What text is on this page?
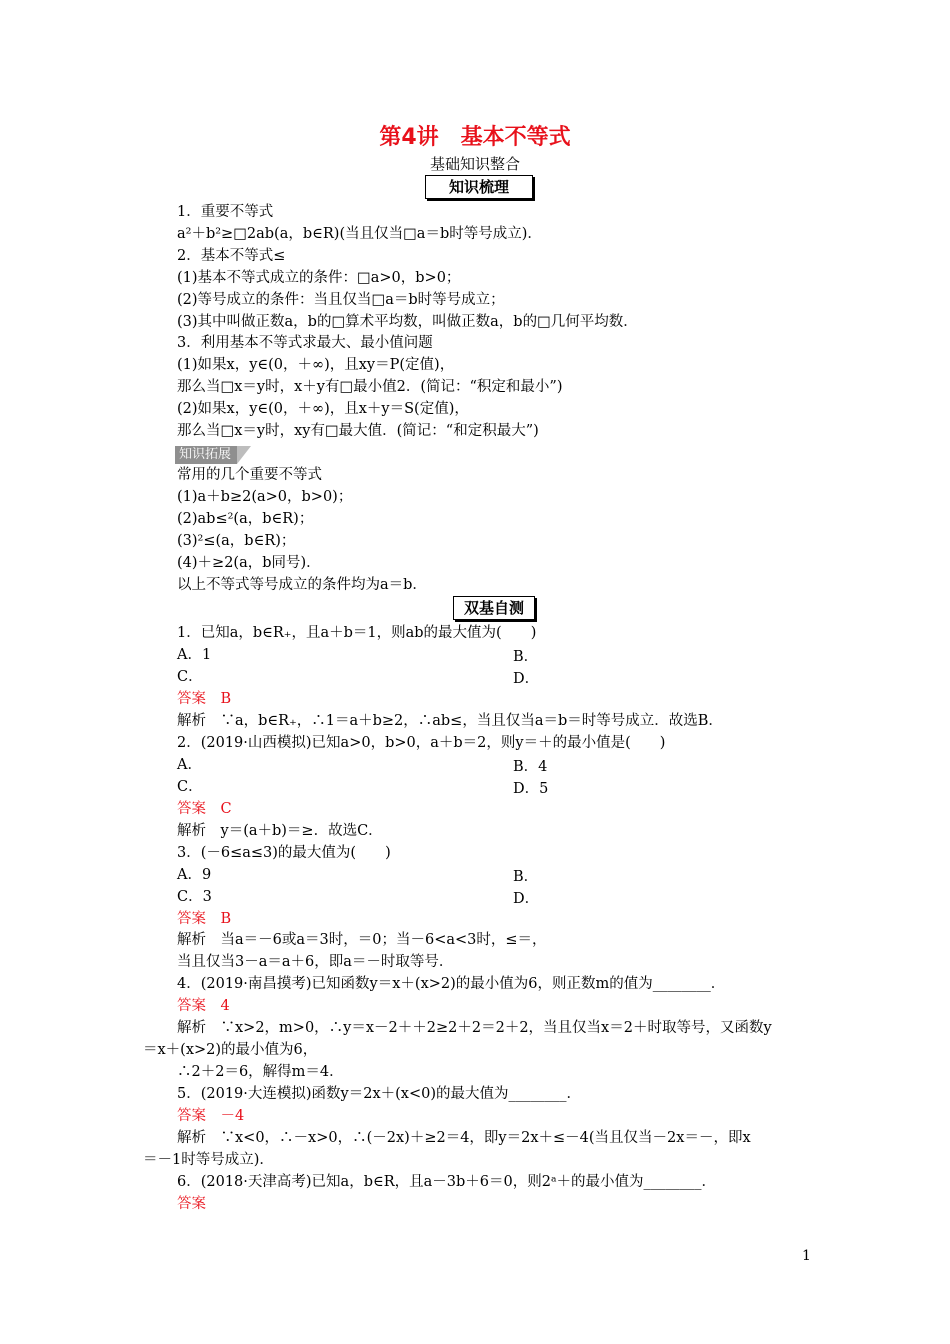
第4讲　基本不等式
基础知识整合
知识梳理
1．重要不等式
a²＋b²≥□2ab(a，b∈R)(当且仅当□a＝b时等号成立)．
2．基本不等式≤
(1)基本不等式成立的条件：□a>0，b>0；
(2)等号成立的条件：当且仅当□a＝b时等号成立；
(3)其中叫做正数a，b的□算术平均数，叫做正数a，b的□几何平均数．
3．利用基本不等式求最大、最小值问题
(1)如果x，y∈(0，＋∞)，且xy＝P(定值)，
那么当□x＝y时，x＋y有□最小值2．(简记：“积定和最小”)
(2)如果x，y∈(0，＋∞)，且x＋y＝S(定值)，
那么当□x＝y时，xy有□最大值．(简记：“和定积最大”)
知识拓展
常用的几个重要不等式
(1)a＋b≥2(a>0，b>0)；
(2)ab≤²(a，b∈R)；
(3)²≤(a，b∈R)；
(4)＋≥2(a，b同号)．
以上不等式等号成立的条件均为a＝b．
双基自测
1．已知a，b∈R₊，且a＋b＝1，则ab的最大值为(　　)
A．1	B．
C．	D．
答案　B
解析　∵a，b∈R₊，∴1＝a＋b≥2，∴ab≤，当且仅当a＝b＝时等号成立．故选B．
2．(2019·山西模拟)已知a>0，b>0，a＋b＝2，则y＝＋的最小值是(　　)
A．	B．4
C．	D．5
答案　C
解析　y＝(a＋b)＝≥．故选C．
3．(－6≤a≤3)的最大值为(　　)
A．9	B．
C．3	D．
答案　B
解析　当a＝－6或a＝3时，＝0；当－6<a<3时，≤＝，
当且仅当3－a＝a＋6，即a＝－时取等号．
4．(2019·南昌摸考)已知函数y＝x＋(x>2)的最小值为6，则正数m的值为________．
答案　4
解析　∵x>2，m>0，∴y＝x－2＋＋2≥2＋2＝2＋2，当且仅当x＝2＋时取等号，又函数y
＝x＋(x>2)的最小值为6，
∴2＋2＝6，解得m＝4．
5．(2019·大连模拟)函数y＝2x＋(x<0)的最大值为________．
答案　－4
解析　∵x<0，∴－x>0，∴(－2x)＋≥2＝4，即y＝2x＋≤－4(当且仅当－2x＝－，即x
＝－1时等号成立)．
6．(2018·天津高考)已知a，b∈R，且a－3b＋6＝0，则2ᵃ＋的最小值为________．
答案
1
